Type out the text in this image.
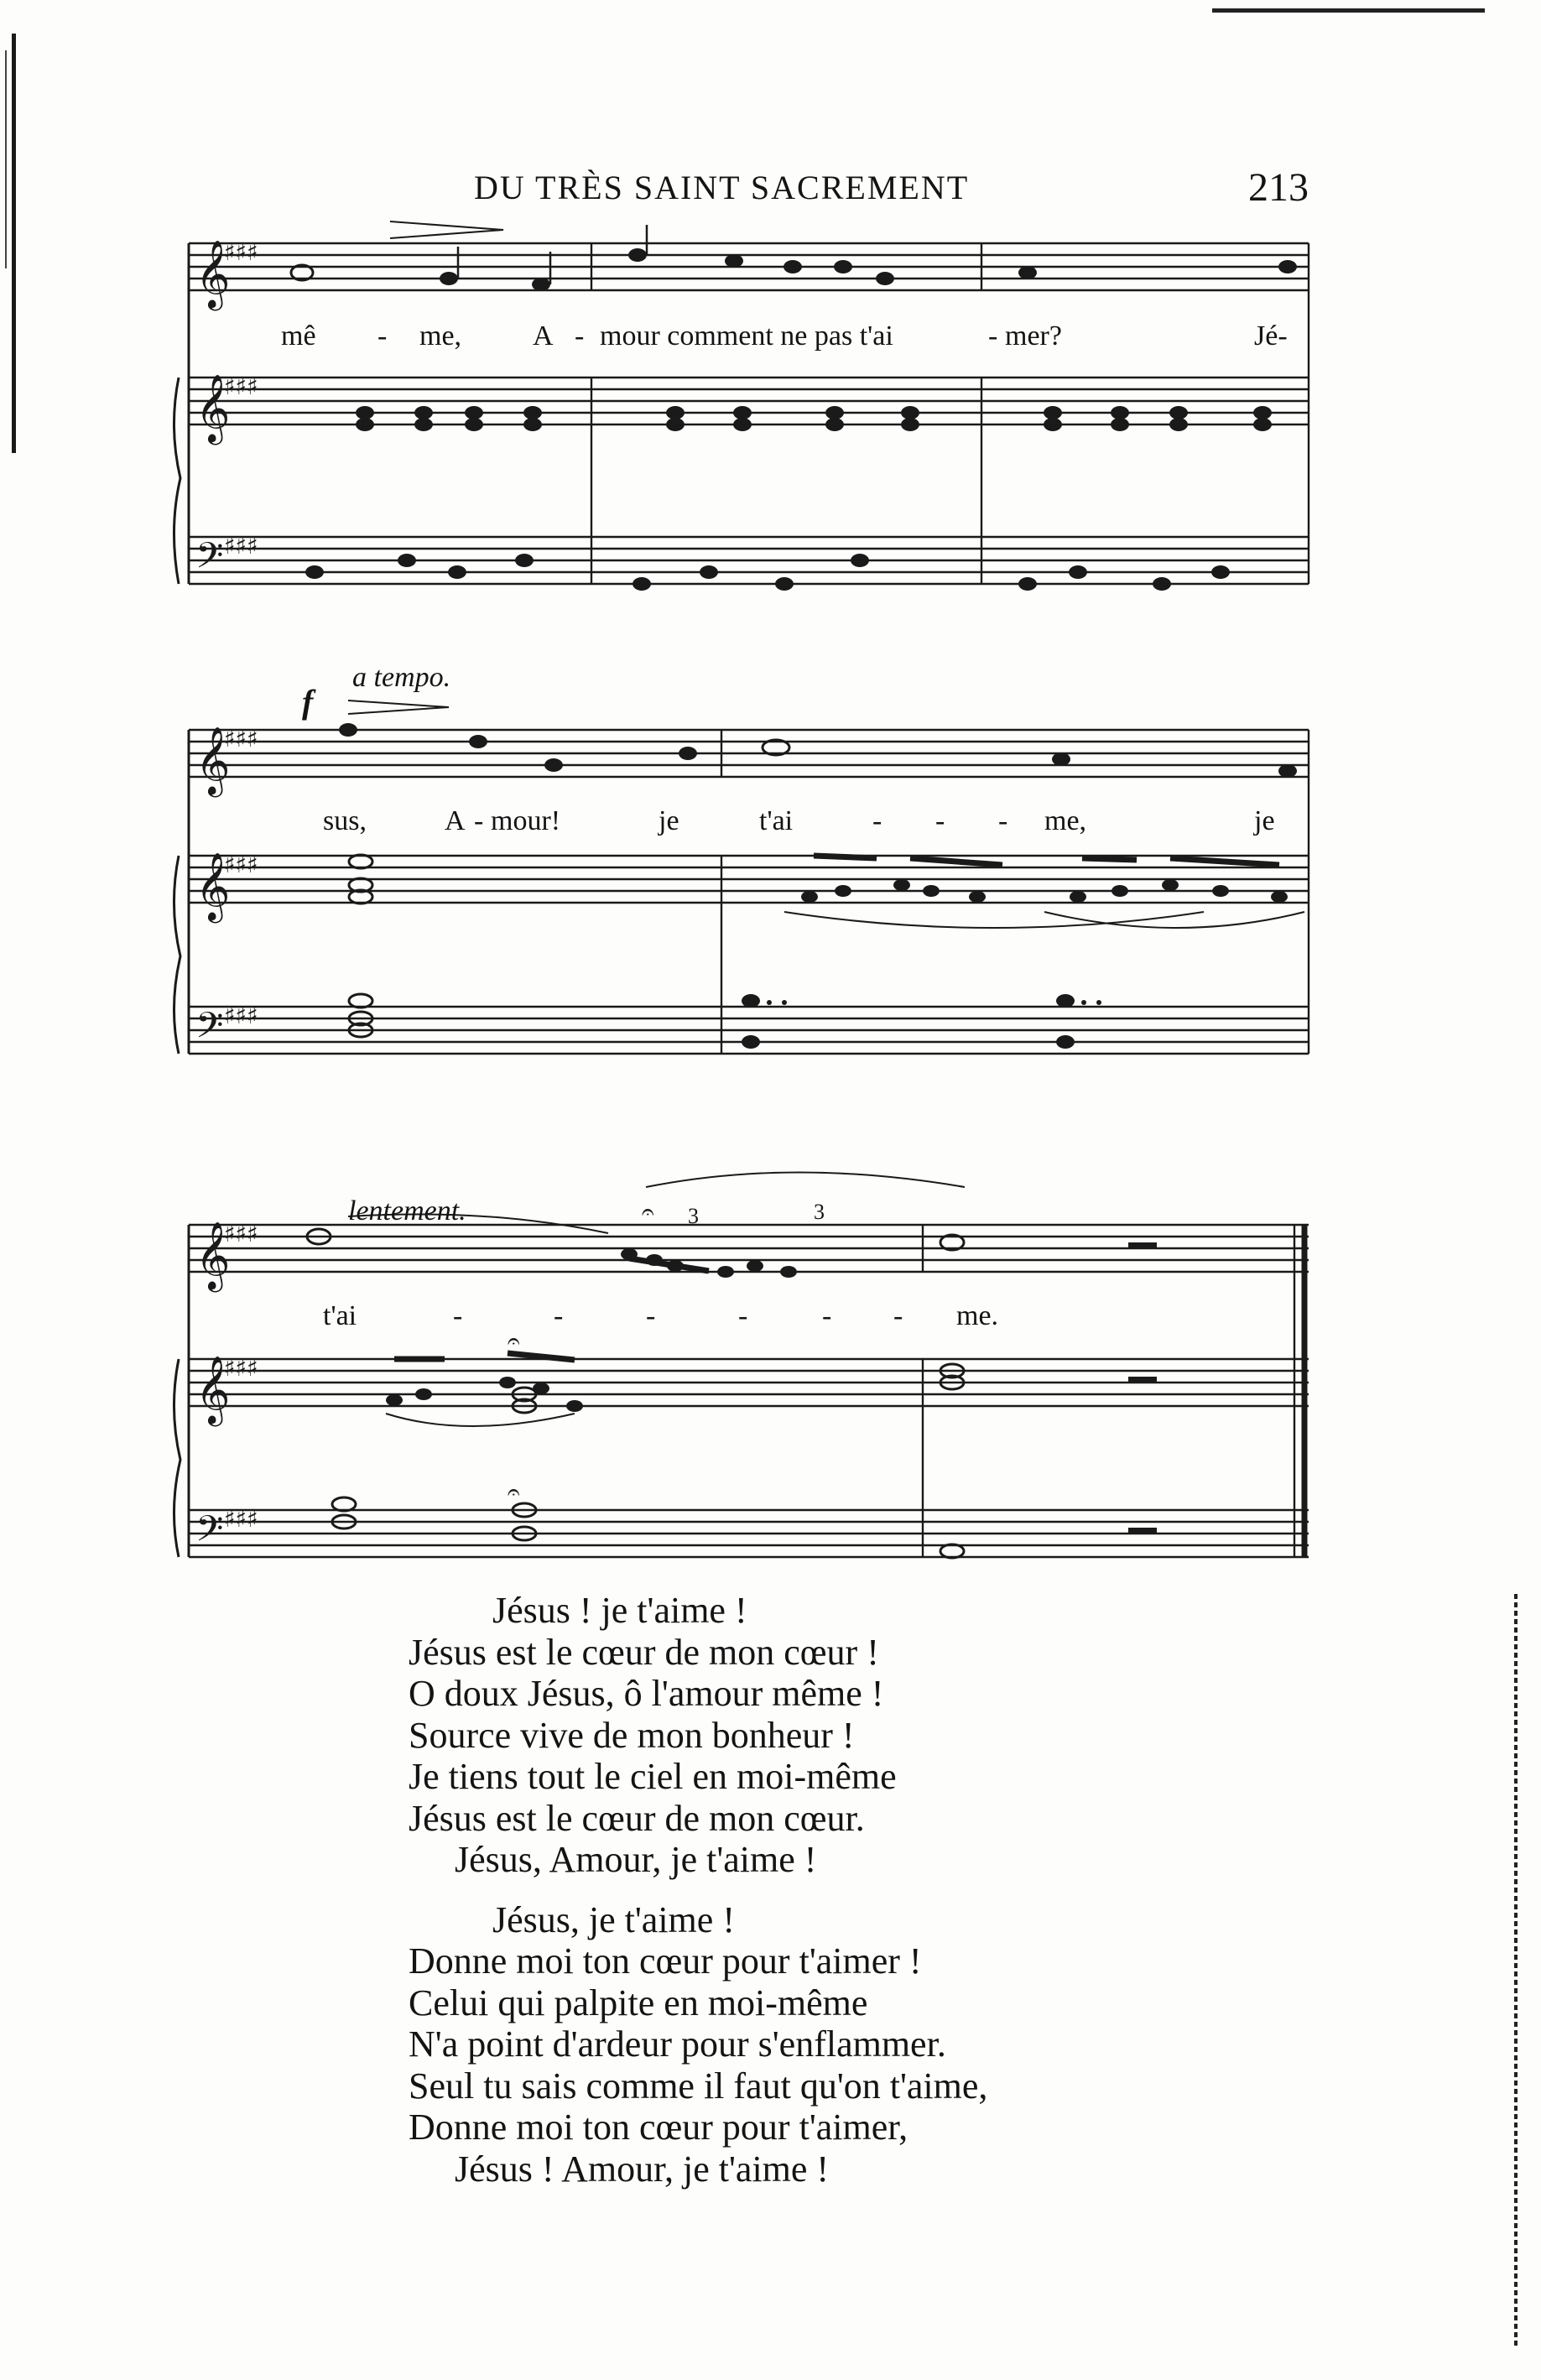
DU TRÈS SAINT SACREMENT	213
𝄞
𝄞
𝄢
♯♯♯
♯♯♯
♯♯♯
mê - me, A - mour comment ne pas t'ai	- mer?	Jé-
𝄞
𝄞
𝄢
♯♯♯
♯♯♯
♯♯♯
a tempo.
f
sus,	A - mour!	je	t'ai	- - - me,	je
𝄞
𝄞
𝄢
♯♯♯
♯♯♯
♯♯♯
𝄐
𝄐
𝄐
lentement.	3	3
t'ai	-	-	-	-	- - me.
Jésus ! je t'aime !
Jésus est le cœur de mon cœur !
O doux Jésus, ô l'amour même !
Source vive de mon bonheur !
Je tiens tout le ciel en moi-même
Jésus est le cœur de mon cœur.
Jésus, Amour, je t'aime !
Jésus, je t'aime !
Donne moi ton cœur pour t'aimer !
Celui qui palpite en moi-même
N'a point d'ardeur pour s'enflammer.
Seul tu sais comme il faut qu'on t'aime,
Donne moi ton cœur pour t'aimer,
Jésus ! Amour, je t'aime !
